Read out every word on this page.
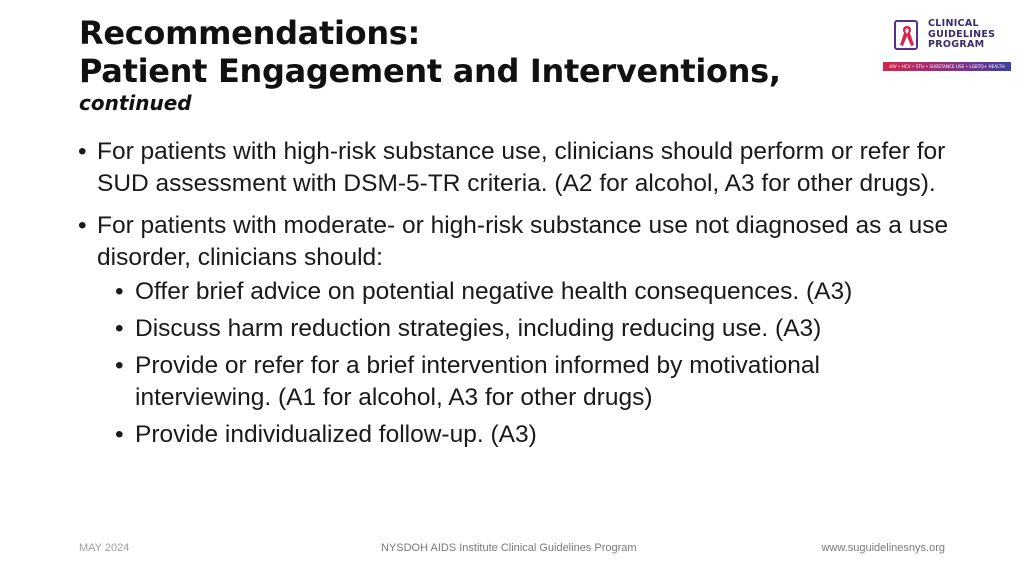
Recommendations:
Patient Engagement and Interventions,
continued
CLINICAL
GUIDELINES
PROGRAM
HIV • HCV • STIs • SUBSTANCE USE • LGBTQ+ HEALTH
• For patients with high-risk substance use, clinicians should perform or refer for SUD assessment with DSM-5-TR criteria. (A2 for alcohol, A3 for other drugs).
• For patients with moderate- or high-risk substance use not diagnosed as a use disorder, clinicians should:
• Offer brief advice on potential negative health consequences. (A3)
• Discuss harm reduction strategies, including reducing use. (A3)
• Provide or refer for a brief intervention informed by motivational interviewing. (A1 for alcohol, A3 for other drugs)
• Provide individualized follow-up. (A3)
MAY 2024	NYSDOH AIDS Institute Clinical Guidelines Program	www.suguidelinesnys.org
